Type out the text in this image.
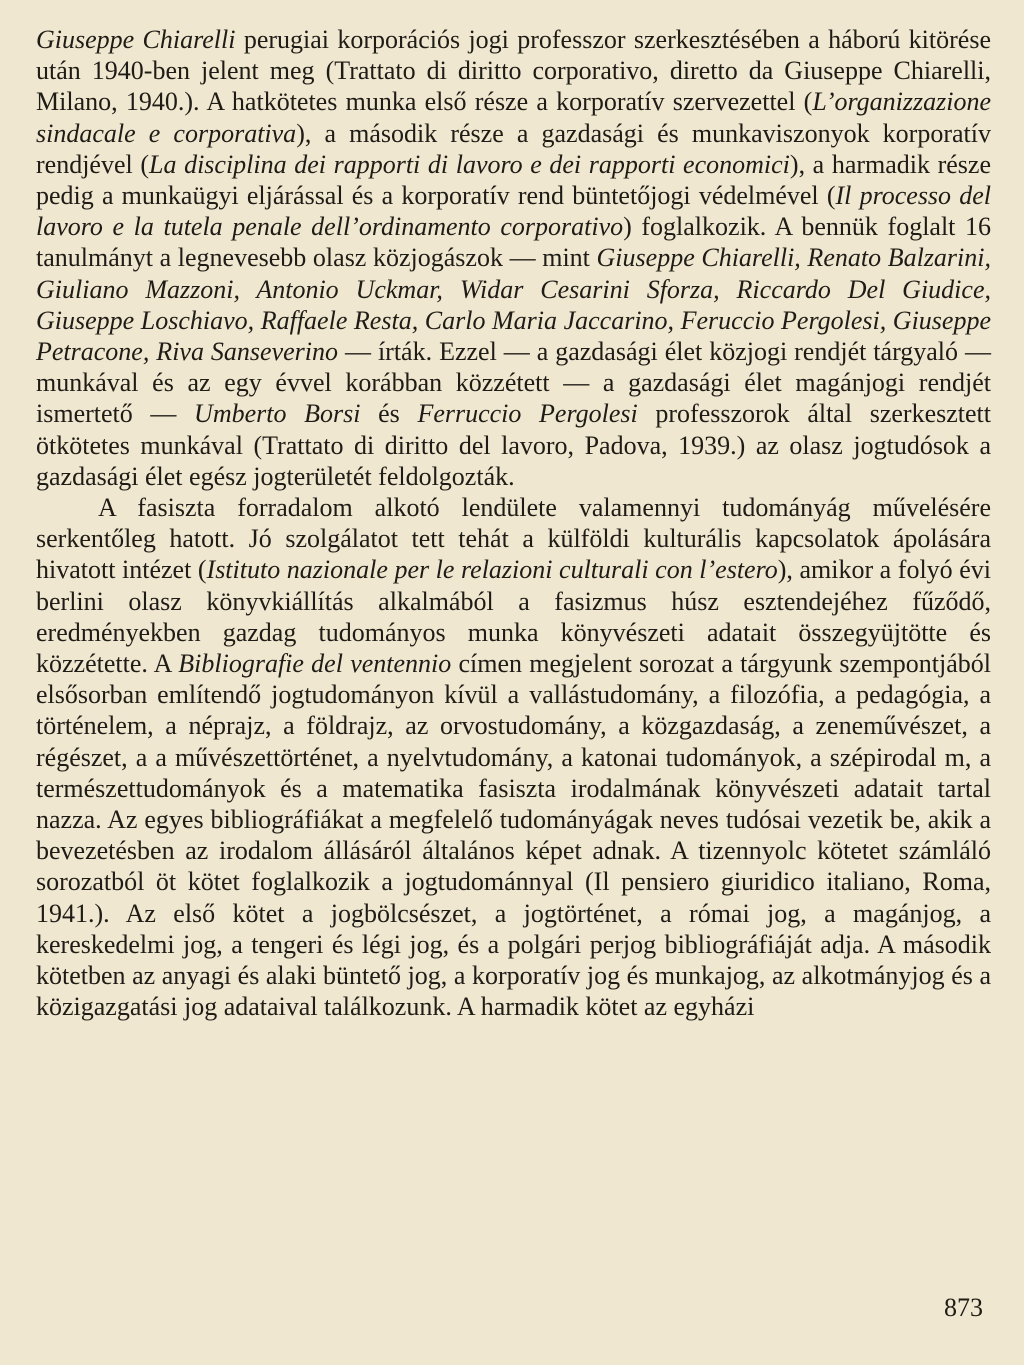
Giuseppe Chiarelli perugiai korporációs jogi professzor szerkesztésében a háború kitörése után 1940-ben jelent meg (Trattato di diritto corporativo, diretto da Giuseppe Chiarelli, Milano, 1940.). A hatkötetes munka első része a korporatív szervezettel (L’organizzazione sindacale e corporativa), a második része a gazdasági és munkaviszonyok korporatív rendjével (La disciplina dei rapporti di lavoro e dei rapporti economici), a harmadik része pedig a munkaügyi eljárással és a korporatív rend büntetőjogi védelmével (Il processo del lavoro e la tutela penale dell’ordinamento corporativo) foglalkozik. A bennük foglalt 16 tanulmányt a legnevesebb olasz közjogászok — mint Giuseppe Chiarelli, Renato Balzarini, Giuliano Mazzoni, Antonio Uckmar, Widar Cesarini Sforza, Riccardo Del Giudice, Giuseppe Loschiavo, Raffaele Resta, Carlo Maria Jaccarino, Feruccio Pergolesi, Giuseppe Petracone, Riva Sanseverino — írták. Ezzel — a gazdasági élet közjogi rendjét tárgyaló — munkával és az egy évvel korábban közzétett — a gazdasági élet magánjogi rendjét ismertető — Umberto Borsi és Ferruccio Pergolesi professzorok által szerkesztett ötkötetes munkával (Trattato di diritto del lavoro, Padova, 1939.) az olasz jogtudósok a gazdasági élet egész jogterületét feldolgozták.

A fasiszta forradalom alkotó lendülete valamennyi tudományág művelésére serkentőleg hatott. Jó szolgálatot tett tehát a külföldi kulturális kapcsolatok ápolására hivatott intézet (Istituto nazionale per le relazioni culturali con l’estero), amikor a folyó évi berlini olasz könyvkiállítás alkalmából a fasizmus húsz esztendejéhez fűződő, eredményekben gazdag tudományos munka könyvészeti adatait összegyüjtötte és közzétette. A Bibliografie del ventennio címen megjelent sorozat a tárgyunk szempontjából elsősorban említendő jogtudományon kívül a vallástudomány, a filozófia, a pedagógia, a történelem, a néprajz, a földrajz, az orvostudomány, a közgazdaság, a zeneművészet, a régészet, a a művészettörténet, a nyelvtudomány, a katonai tudományok, a szépirodal m, a természettudományok és a matematika fasiszta irodalmának könyvészeti adatait tartal nazza. Az egyes bibliográfiákat a megfelelő tudományágak neves tudósai vezetik be, akik a bevezetésben az irodalom állásáról általános képet adnak. A tizennyolc kötetet számláló sorozatból öt kötet foglalkozik a jogtudománnyal (Il pensiero giuridico italiano, Roma, 1941.). Az első kötet a jogbölcsészet, a jogtörténet, a római jog, a magánjog, a kereskedelmi jog, a tengeri és légi jog, és a polgári perjog bibliográfiáját adja. A második kötetben az anyagi és alaki büntető jog, a korporatív jog és munkajog, az alkotmányjog és a közigazgatási jog adataival találkozunk. A harmadik kötet az egyházi

873
